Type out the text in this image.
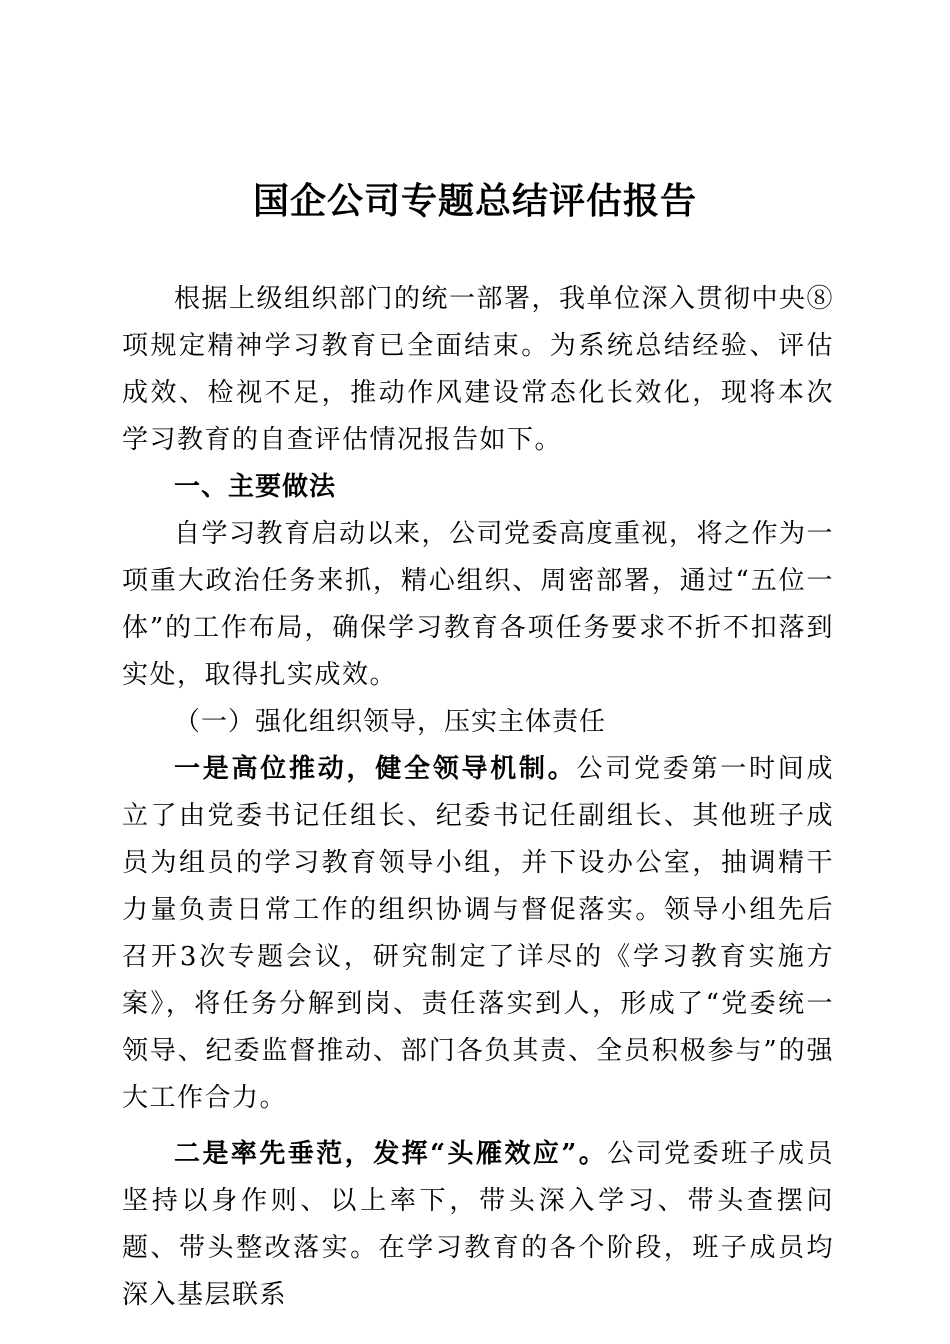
国企公司专题总结评估报告

根据上级组织部门的统一部署，我单位深入贯彻中央⑧项规定精神学习教育已全面结束。为系统总结经验、评估成效、检视不足，推动作风建设常态化长效化，现将本次学习教育的自查评估情况报告如下。

一、主要做法

自学习教育启动以来，公司党委高度重视，将之作为一项重大政治任务来抓，精心组织、周密部署，通过“五位一体”的工作布局，确保学习教育各项任务要求不折不扣落到实处，取得扎实成效。

（一）强化组织领导，压实主体责任

一是高位推动，健全领导机制。公司党委第一时间成立了由党委书记任组长、纪委书记任副组长、其他班子成员为组员的学习教育领导小组，并下设办公室，抽调精干力量负责日常工作的组织协调与督促落实。领导小组先后召开3次专题会议，研究制定了详尽的《学习教育实施方案》，将任务分解到岗、责任落实到人，形成了“党委统一领导、纪委监督推动、部门各负其责、全员积极参与”的强大工作合力。

二是率先垂范，发挥“头雁效应”。公司党委班子成员坚持以身作则、以上率下，带头深入学习、带头查摆问题、带头整改落实。在学习教育的各个阶段，班子成员均深入基层联系
